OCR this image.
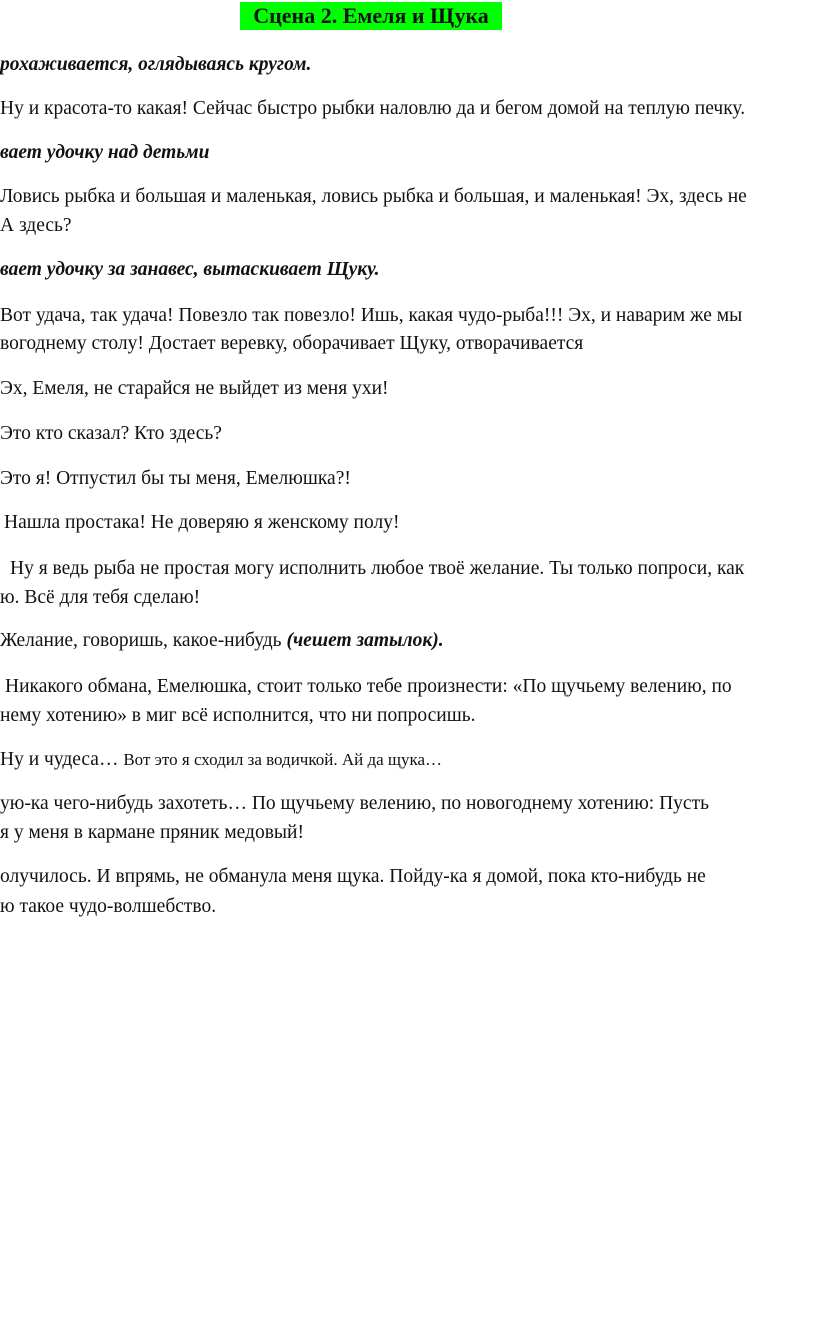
Сцена 2. Емеля и Щука
рохаживается, оглядываясь кругом.
Ну и красота-то какая! Сейчас быстро рыбки наловлю да и бегом домой на теплую печку.
вает удочку над детьми
Ловись рыбка и большая и маленькая, ловись рыбка и большая, и маленькая! Эх, здесь не
А здесь?
вает удочку за занавес, вытаскивает Щуку.
Вот удача, так удача! Повезло так повезло! Ишь, какая чудо-рыба!!! Эх, и наварим же мы
вогоднему столу! Достает веревку, оборачивает Щуку, отворачивается
Эх, Емеля, не старайся не выйдет из меня ухи!
Это кто сказал? Кто здесь?
Это я! Отпустил бы ты меня, Емелюшка?!
Нашла простака! Не доверяю я женскому полу!
Ну я ведь рыба не простая могу исполнить любое твоё желание. Ты только попроси, как
ю. Всё для тебя сделаю!
Желание, говоришь, какое-нибудь (чешет затылок).
Никакого обмана, Емелюшка, стоит только тебе произнести: «По щучьему велению, по
нему хотению» в миг всё исполнится, что ни попросишь.
Ну и чудеса… Вот это я сходил за водичкой. Ай да щука…
ую-ка чего-нибудь захотеть… По щучьему велению, по новогоднему хотению: Пусть
я у меня в кармане пряник медовый!
олучилось. И впрямь, не обманула меня щука. Пойду-ка я домой, пока кто-нибудь не
ю такое чудо-волшебство.
